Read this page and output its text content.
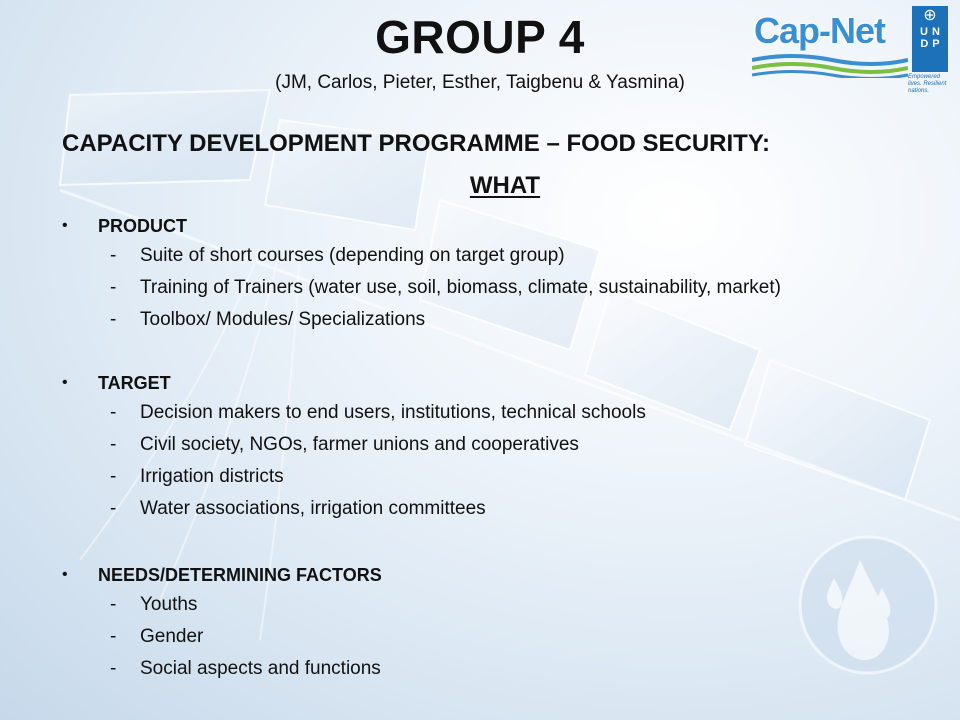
Cap-Net ⊕
UN
DP
Empowered lives. Resilient nations.
GROUP 4
(JM, Carlos, Pieter, Esther, Taigbenu & Yasmina)
CAPACITY DEVELOPMENT PROGRAMME – FOOD SECURITY:
WHAT
•	PRODUCT
-	Suite of short courses (depending on target group)
-	Training of Trainers (water use, soil, biomass, climate, sustainability, market)
-	Toolbox/ Modules/ Specializations
•	TARGET
-	Decision makers to end users, institutions, technical schools
-	Civil society, NGOs, farmer unions and cooperatives
-	Irrigation districts
-	Water associations, irrigation committees
•	NEEDS/DETERMINING FACTORS
-	Youths
-	Gender
-	Social aspects and functions
